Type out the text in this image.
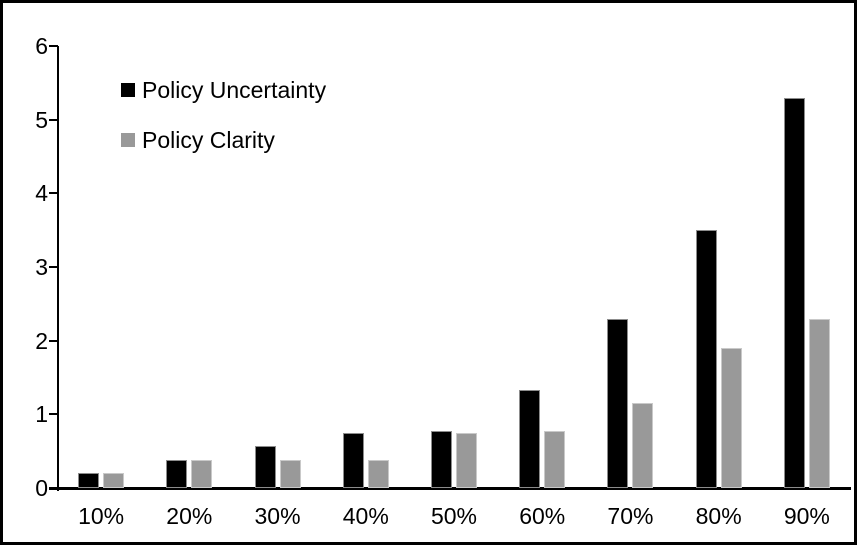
0
1
2
3
4
5
6
10%	20%	30%	40%	50%	60%	70%	80%	90%
Policy Uncertainty
Policy Clarity
